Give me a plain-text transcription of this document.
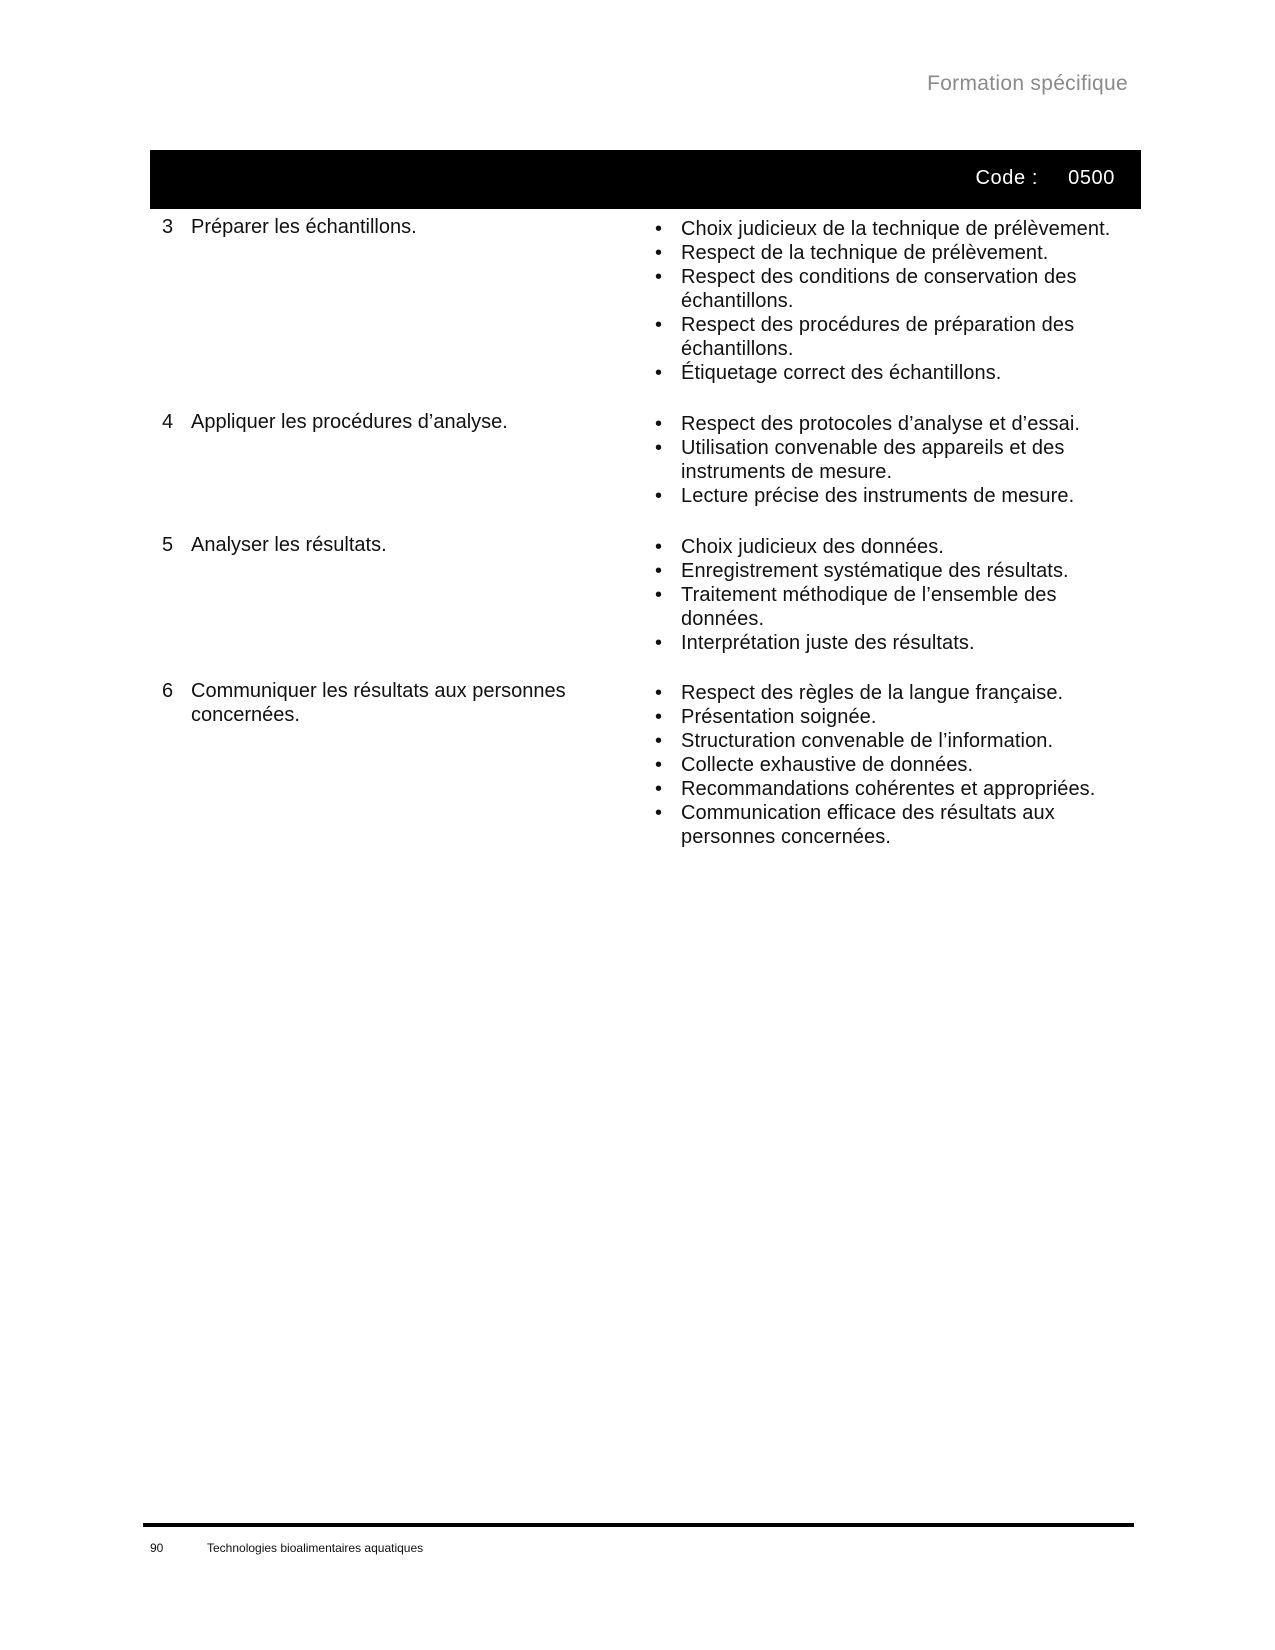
Formation spécifique
Code : 0500
3 Préparer les échantillons.	• Choix judicieux de la technique de prélèvement.
• Respect de la technique de prélèvement.
• Respect des conditions de conservation des échantillons.
• Respect des procédures de préparation des échantillons.
• Étiquetage correct des échantillons.
4 Appliquer les procédures d’analyse.	• Respect des protocoles d’analyse et d’essai.
• Utilisation convenable des appareils et des instruments de mesure.
• Lecture précise des instruments de mesure.
5 Analyser les résultats.	• Choix judicieux des données.
• Enregistrement systématique des résultats.
• Traitement méthodique de l’ensemble des données.
• Interprétation juste des résultats.
6 Communiquer les résultats aux personnes concernées.
• Respect des règles de la langue française.
• Présentation soignée.
• Structuration convenable de l’information.
• Collecte exhaustive de données.
• Recommandations cohérentes et appropriées.
• Communication efficace des résultats aux personnes concernées.
90	Technologies bioalimentaires aquatiques
